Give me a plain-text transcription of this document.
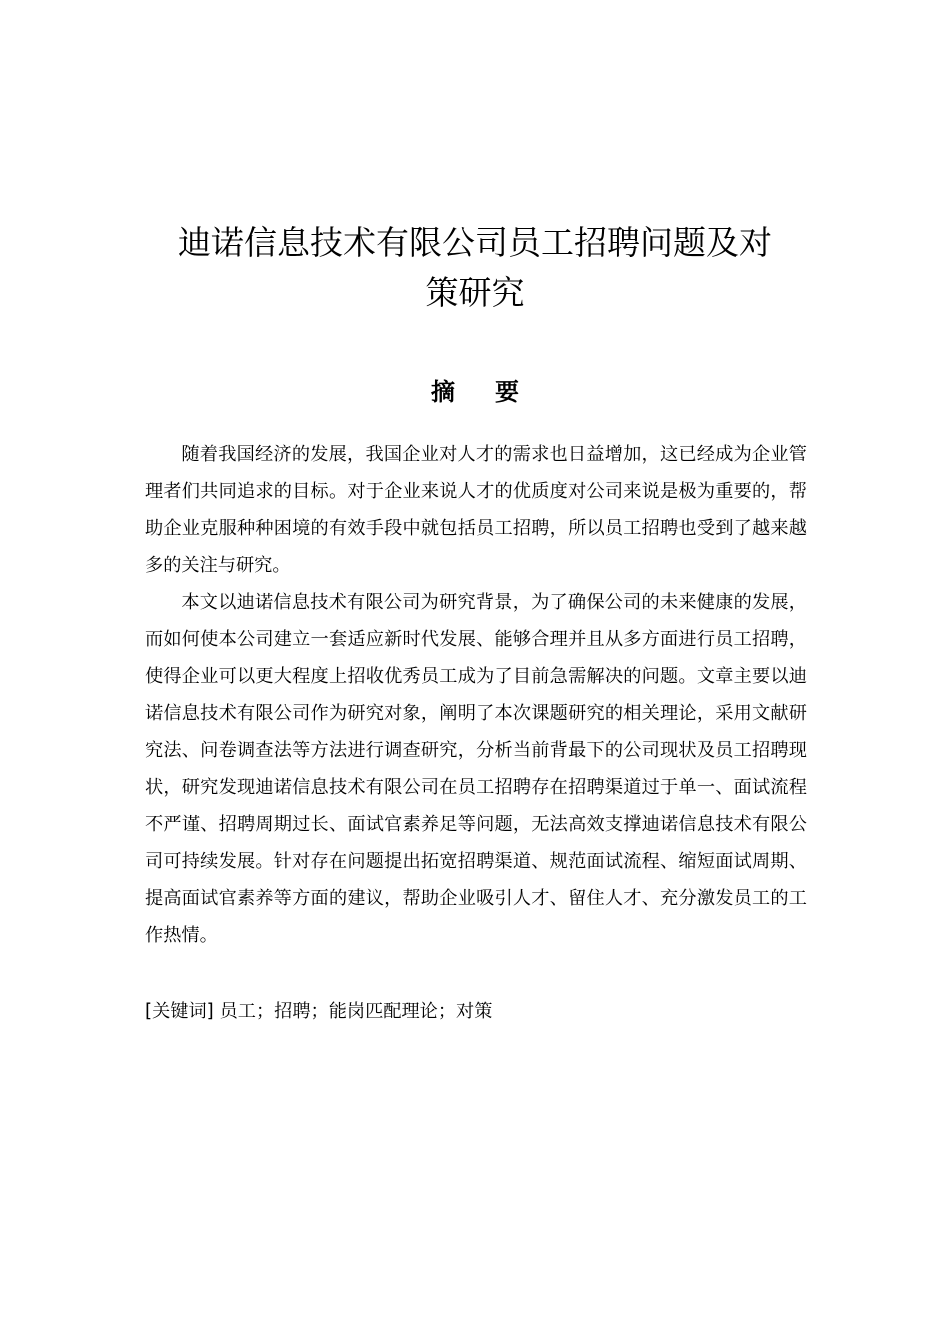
迪诺信息技术有限公司员工招聘问题及对
策研究
摘 要

随着我国经济的发展，我国企业对人才的需求也日益增加，这已经成为企业管理者们共同追求的目标。对于企业来说人才的优质度对公司来说是极为重要的，帮助企业克服种种困境的有效手段中就包括员工招聘，所以员工招聘也受到了越来越多的关注与研究。

本文以迪诺信息技术有限公司为研究背景，为了确保公司的未来健康的发展，而如何使本公司建立一套适应新时代发展、能够合理并且从多方面进行员工招聘，使得企业可以更大程度上招收优秀员工成为了目前急需解决的问题。文章主要以迪诺信息技术有限公司作为研究对象，阐明了本次课题研究的相关理论，采用文献研究法、问卷调查法等方法进行调查研究，分析当前背最下的公司现状及员工招聘现状，研究发现迪诺信息技术有限公司在员工招聘存在招聘渠道过于单一、面试流程不严谨、招聘周期过长、面试官素养足等问题，无法高效支撑迪诺信息技术有限公司可持续发展。针对存在问题提出拓宽招聘渠道、规范面试流程、缩短面试周期、提高面试官素养等方面的建议，帮助企业吸引人才、留住人才、充分激发员工的工作热情。

[关键词] 员工；招聘；能岗匹配理论；对策
